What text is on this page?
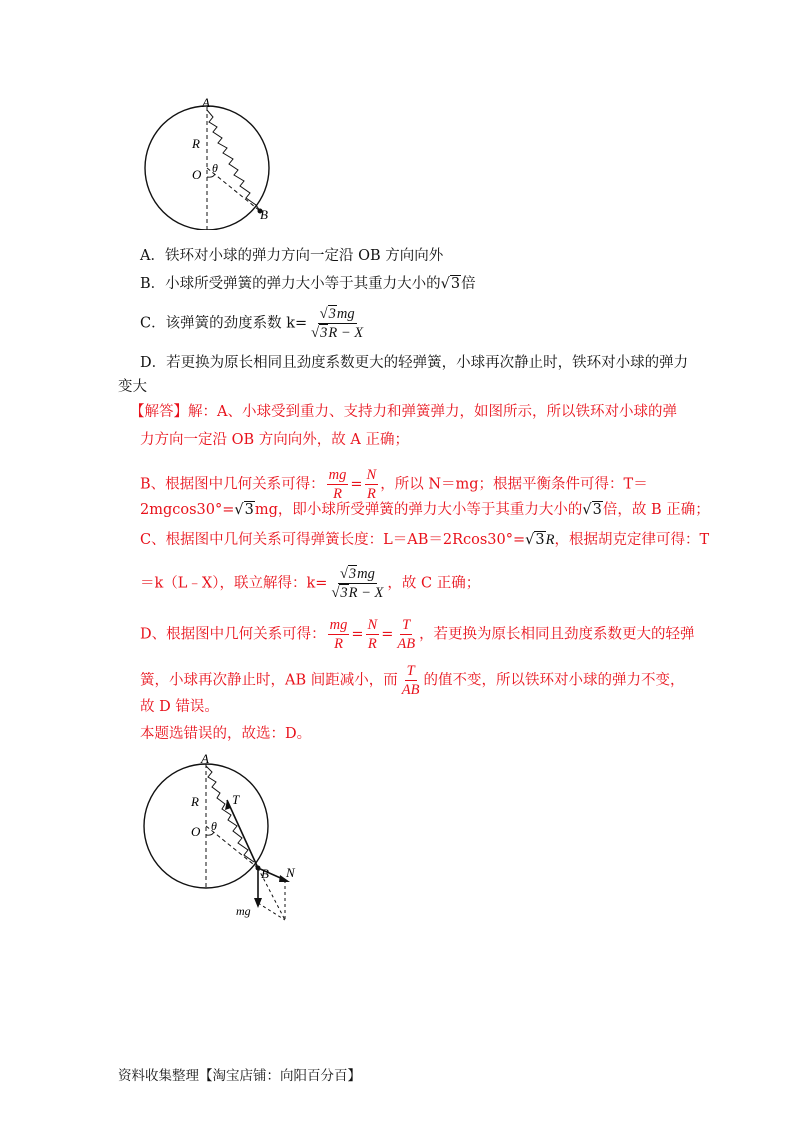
A
R
O θ
B
A．铁环对小球的弹力方向一定沿 OB 方向向外
B．小球所受弹簧的弹力大小等于其重力大小的√3倍
C．该弹簧的劲度系数 $k= \frac{√3mg}{√3R - X}$
D．若更换为原长相同且劲度系数更大的轻弹簧，小球再次静止时，铁环对小球的弹力
变大
【解答】解：A、小球受到重力、支持力和弹簧弹力，如图所示，所以铁环对小球的弹
力方向一定沿 OB 方向向外，故 A 正确；
B、根据图中几何关系可得： $\frac{mg}{R} = \frac{N}{R}$ ，所以 N＝mg；根据平衡条件可得：T＝
2mgcos30°=√3mg，即小球所受弹簧的弹力大小等于其重力大小的√3倍，故 B 正确；
C、根据图中几何关系可得弹簧长度：L＝AB＝2Rcos30°=√3R，根据胡克定律可得：T
＝k（L﹣X），联立解得：$k= \frac{√3mg}{√3R - X}$ ，故 C 正确；
D、根据图中几何关系可得： $\frac{mg}{R} = \frac{N}{R} = \frac{T}{AB}$ ，若更换为原长相同且劲度系数更大的轻弹
簧，小球再次静止时，AB 间距减小，而 $\frac{T}{AB}$ 的值不变，所以铁环对小球的弹力不变，
故 D 错误。
本题选错误的，故选：D。
A
R	T
O θ
B N
mg
资料收集整理【淘宝店铺：向阳百分百】
